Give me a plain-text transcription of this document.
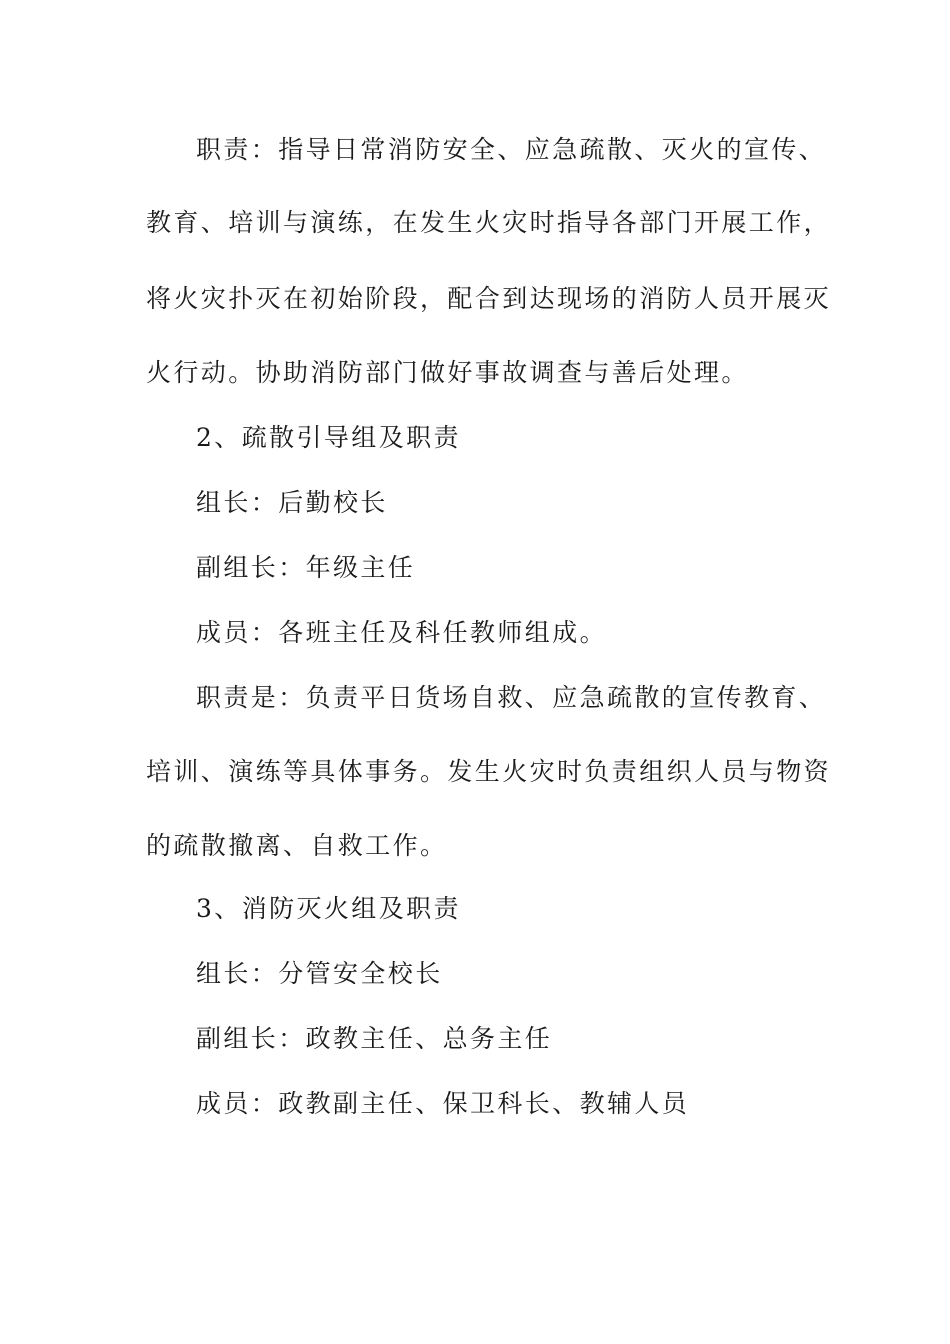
职责：指导日常消防安全、应急疏散、灭火的宣传、
教育、培训与演练，在发生火灾时指导各部门开展工作，
将火灾扑灭在初始阶段，配合到达现场的消防人员开展灭
火行动。协助消防部门做好事故调查与善后处理。
2、疏散引导组及职责
组长：后勤校长
副组长：年级主任
成员：各班主任及科任教师组成。
职责是：负责平日货场自救、应急疏散的宣传教育、
培训、演练等具体事务。发生火灾时负责组织人员与物资
的疏散撤离、自救工作。
3、消防灭火组及职责
组长：分管安全校长
副组长：政教主任、总务主任
成员：政教副主任、保卫科长、教辅人员
